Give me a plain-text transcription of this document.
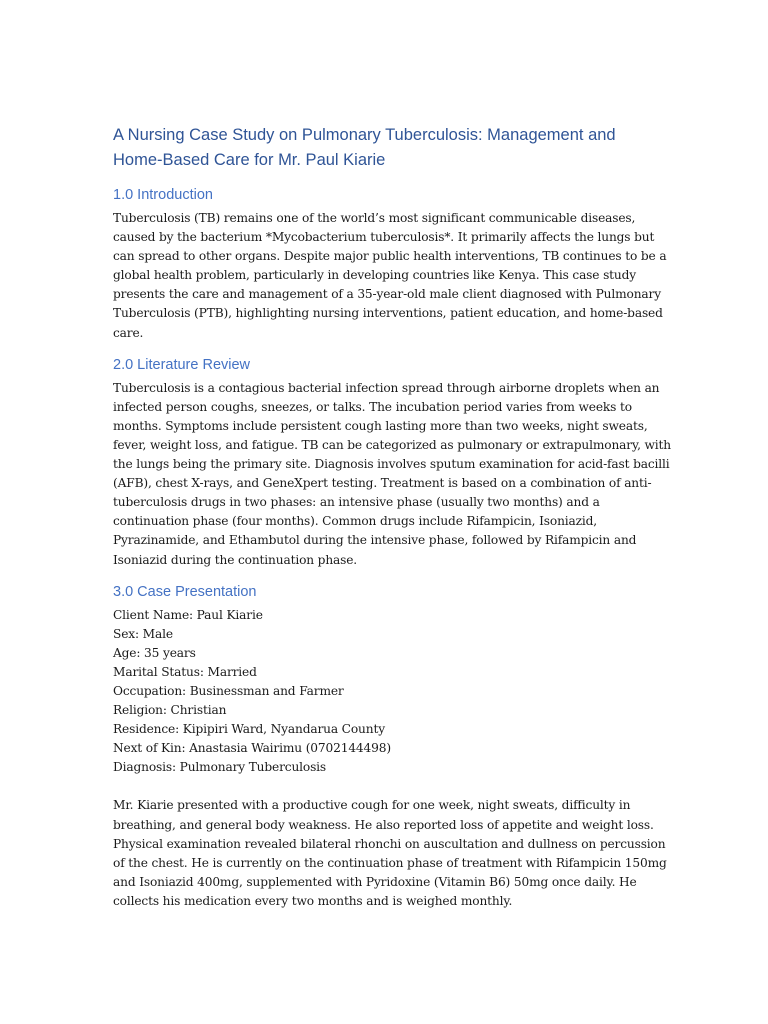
A Nursing Case Study on Pulmonary Tuberculosis: Management and
Home-Based Care for Mr. Paul Kiarie
1.0 Introduction

Tuberculosis (TB) remains one of the world’s most significant communicable diseases,
caused by the bacterium *Mycobacterium tuberculosis*. It primarily affects the lungs but
can spread to other organs. Despite major public health interventions, TB continues to be a
global health problem, particularly in developing countries like Kenya. This case study
presents the care and management of a 35-year-old male client diagnosed with Pulmonary
Tuberculosis (PTB), highlighting nursing interventions, patient education, and home-based
care.

2.0 Literature Review

Tuberculosis is a contagious bacterial infection spread through airborne droplets when an
infected person coughs, sneezes, or talks. The incubation period varies from weeks to
months. Symptoms include persistent cough lasting more than two weeks, night sweats,
fever, weight loss, and fatigue. TB can be categorized as pulmonary or extrapulmonary, with
the lungs being the primary site. Diagnosis involves sputum examination for acid-fast bacilli
(AFB), chest X-rays, and GeneXpert testing. Treatment is based on a combination of anti-
tuberculosis drugs in two phases: an intensive phase (usually two months) and a
continuation phase (four months). Common drugs include Rifampicin, Isoniazid,
Pyrazinamide, and Ethambutol during the intensive phase, followed by Rifampicin and
Isoniazid during the continuation phase.

3.0 Case Presentation
Client Name: Paul Kiarie
Sex: Male
Age: 35 years
Marital Status: Married
Occupation: Businessman and Farmer
Religion: Christian
Residence: Kipipiri Ward, Nyandarua County
Next of Kin: Anastasia Wairimu (0702144498)
Diagnosis: Pulmonary Tuberculosis

Mr. Kiarie presented with a productive cough for one week, night sweats, difficulty in
breathing, and general body weakness. He also reported loss of appetite and weight loss.
Physical examination revealed bilateral rhonchi on auscultation and dullness on percussion
of the chest. He is currently on the continuation phase of treatment with Rifampicin 150mg
and Isoniazid 400mg, supplemented with Pyridoxine (Vitamin B6) 50mg once daily. He
collects his medication every two months and is weighed monthly.
